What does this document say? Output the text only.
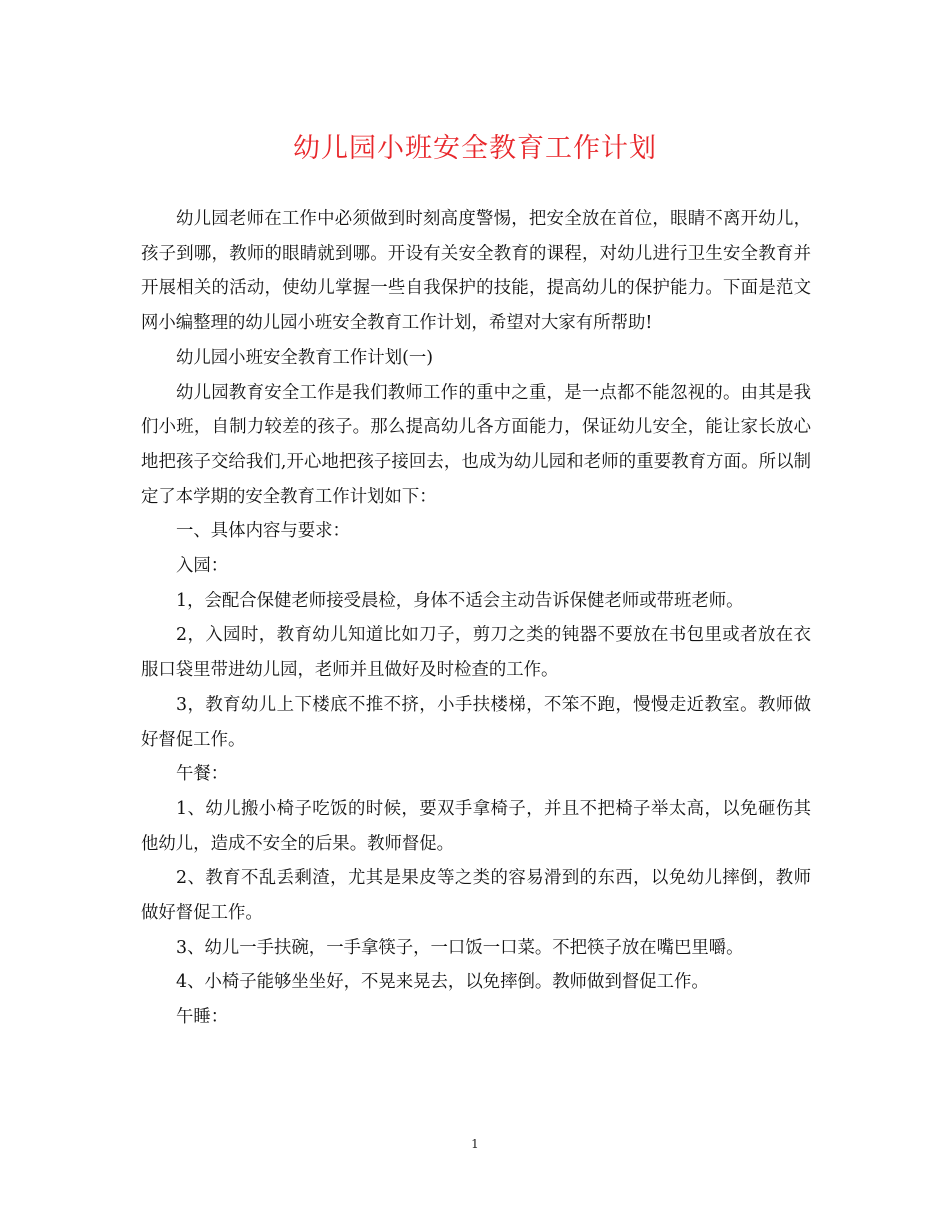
幼儿园小班安全教育工作计划

幼儿园老师在工作中必须做到时刻高度警惕，把安全放在首位，眼睛不离开幼儿，孩子到哪，教师的眼睛就到哪。开设有关安全教育的课程，对幼儿进行卫生安全教育并开展相关的活动，使幼儿掌握一些自我保护的技能，提高幼儿的保护能力。下面是范文网小编整理的幼儿园小班安全教育工作计划，希望对大家有所帮助!

幼儿园小班安全教育工作计划(一)

幼儿园教育安全工作是我们教师工作的重中之重，是一点都不能忽视的。由其是我们小班，自制力较差的孩子。那么提高幼儿各方面能力，保证幼儿安全，能让家长放心地把孩子交给我们,开心地把孩子接回去，也成为幼儿园和老师的重要教育方面。所以制定了本学期的安全教育工作计划如下：

一、具体内容与要求：

入园：

1，会配合保健老师接受晨检，身体不适会主动告诉保健老师或带班老师。

2，入园时，教育幼儿知道比如刀子，剪刀之类的钝器不要放在书包里或者放在衣服口袋里带进幼儿园，老师并且做好及时检查的工作。

3，教育幼儿上下楼底不推不挤，小手扶楼梯，不笨不跑，慢慢走近教室。教师做好督促工作。

午餐：

1、幼儿搬小椅子吃饭的时候，要双手拿椅子，并且不把椅子举太高，以免砸伤其他幼儿，造成不安全的后果。教师督促。

2、教育不乱丢剩渣，尤其是果皮等之类的容易滑到的东西，以免幼儿摔倒，教师做好督促工作。

3、幼儿一手扶碗，一手拿筷子，一口饭一口菜。不把筷子放在嘴巴里嚼。

4、小椅子能够坐坐好，不晃来晃去，以免摔倒。教师做到督促工作。

午睡：

1
